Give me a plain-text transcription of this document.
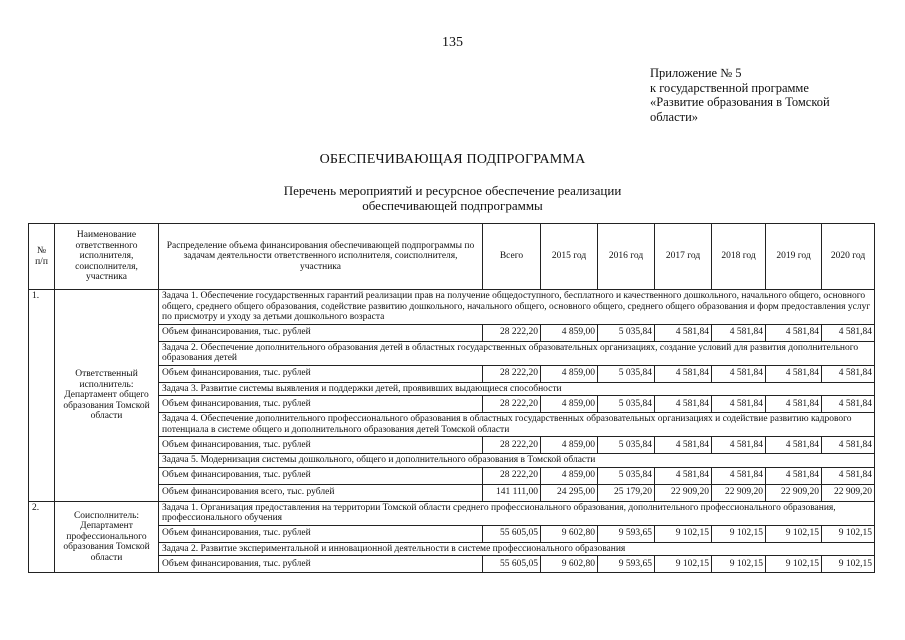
135
Приложение № 5
к государственной программе
«Развитие образования в Томской
области»
ОБЕСПЕЧИВАЮЩАЯ ПОДПРОГРАММА
Перечень мероприятий и ресурсное обеспечение реализации
обеспечивающей подпрограммы
№ п/п	Наименование ответственного исполнителя, соисполнителя, участника	Распределение объема финансирования обеспечивающей подпрограммы по задачам деятельности ответственного исполнителя, соисполнителя, участника	Всего	2015 год	2016 год	2017 год	2018 год	2019 год	2020 год
1.	Ответственный исполнитель: Департамент общего образования Томской области	Задача 1. Обеспечение государственных гарантий реализации прав на получение общедоступного, бесплатного и качественного дошкольного, начального общего, основного общего, среднего общего образования, содействие развитию дошкольного, начального общего, основного общего, среднего общего образования и форм предоставления услуг по присмотру и уходу за детьми дошкольного возраста							
		Объем финансирования, тыс. рублей	28 222,20	4 859,00	5 035,84	4 581,84	4 581,84	4 581,84	4 581,84
		Задача 2. Обеспечение дополнительного образования детей в областных государственных образовательных организациях, создание условий для развития дополнительного образования детей							
		Объем финансирования, тыс. рублей	28 222,20	4 859,00	5 035,84	4 581,84	4 581,84	4 581,84	4 581,84
		Задача 3. Развитие системы выявления и поддержки детей, проявивших выдающиеся способности							
		Объем финансирования, тыс. рублей	28 222,20	4 859,00	5 035,84	4 581,84	4 581,84	4 581,84	4 581,84
		Задача 4. Обеспечение дополнительного профессионального образования в областных государственных образовательных организациях и содействие развитию кадрового потенциала в системе общего и дополнительного образования детей Томской области							
		Объем финансирования, тыс. рублей	28 222,20	4 859,00	5 035,84	4 581,84	4 581,84	4 581,84	4 581,84
		Задача 5. Модернизация системы дошкольного, общего и дополнительного образования в Томской области							
		Объем финансирования, тыс. рублей	28 222,20	4 859,00	5 035,84	4 581,84	4 581,84	4 581,84	4 581,84
		Объем финансирования всего, тыс. рублей	141 111,00	24 295,00	25 179,20	22 909,20	22 909,20	22 909,20	22 909,20
2.	Соисполнитель: Департамент профессионального образования Томской области	Задача 1. Организация предоставления на территории Томской области среднего профессионального образования, дополнительного профессионального образования, профессионального обучения							
		Объем финансирования, тыс. рублей	55 605,05	9 602,80	9 593,65	9 102,15	9 102,15	9 102,15	9 102,15
		Задача 2. Развитие экспериментальной и инновационной деятельности в системе профессионального образования							
		Объем финансирования, тыс. рублей	55 605,05	9 602,80	9 593,65	9 102,15	9 102,15	9 102,15	9 102,15
